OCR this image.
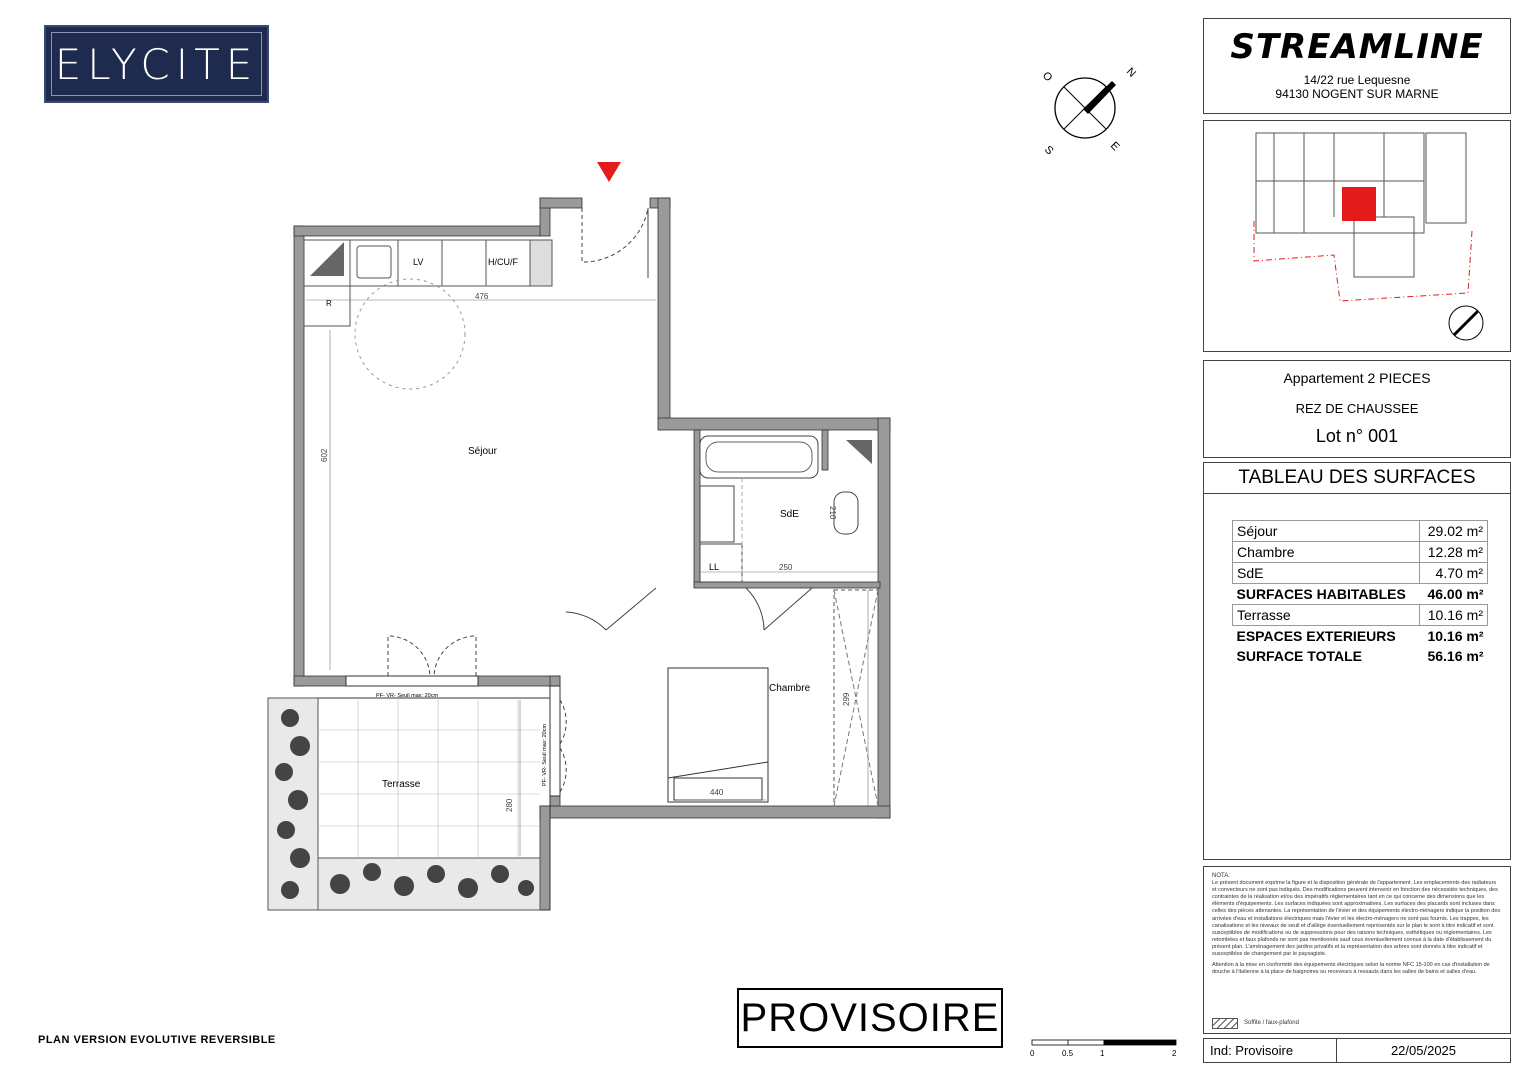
ELYCITE	N
E
S
O
Séjour
Chambre
SdE
Terrasse
LV	H/CU/F
R
LL
476
602
250
210
299
440
280
PF- VR- Seuil max: 20cm
PF- VR- Seuil max: 20cm
STREAMLINE
14/22 rue Lequesne
94130 NOGENT SUR MARNE
Appartement 2 PIECES
REZ DE CHAUSSEE
Lot n° 001
TABLEAU DES SURFACES
Séjour	29.02 m²
Chambre	12.28 m²
SdE	4.70 m²
SURFACES HABITABLES	46.00 m²
Terrasse	10.16 m²
ESPACES EXTERIEURS	10.16 m²
SURFACE TOTALE	56.16 m²
NOTA:
Le présent document exprime la figure et la disposition générale de l'appartement. Les emplacements des radiateurs et convecteurs ne sont pas indiqués. Des modifications peuvent intervenir en fonction des nécessités techniques, des contraintes de la réalisation et/ou des impératifs réglementaires tant en ce qui concerne des dimensions que les éléments d'équipements. Les surfaces indiquées sont approximatives. Les surfaces des placards sont incluses dans celles des pièces attenantes. La représentation de l'évier et des équipements électro-ménagers indique la position des arrivées d'eau et installations électriques mais l'évier et les électro-ménagers ne sont pas fournis. Les trappes, les canalisations et les niveaux de seuil et d'allège éventuellement représentés sur le plan le sont à titre indicatif et sont susceptibles de modifications ou de suppressions pour des raisons techniques, esthétiques ou réglementaires. Les retombées et faux plafonds ne sont pas mentionnés sauf ceux éventuellement connus à la date d'établissement du présent plan. L'aménagement des jardins privatifs et la représentation des arbres sont donnés à titre indicatif et susceptibles de changement par le paysagiste.
Attention à la mise en conformité des équipements électriques selon la norme NFC 15-100 en cas d'installation de douche à l'italienne à la place de baignoires ou receveurs à ressauts dans les salles de bains et salles d'eau.
Soffite / faux-plafond
Ind: Provisoire	22/05/2025
PROVISOIRE
PLAN VERSION EVOLUTIVE REVERSIBLE
0	0.5	1	2
